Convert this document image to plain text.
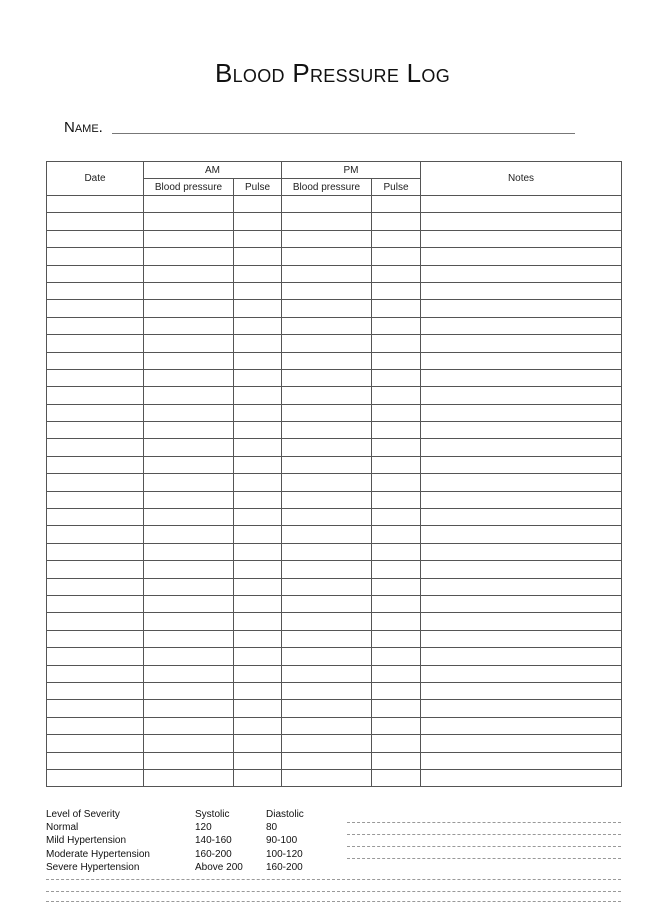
Blood Pressure Log
Name.
Date	AM		PM		Notes
	Blood pressure	Pulse	Blood pressure	Pulse	

Level of Severity	Systolic	Diastolic
Normal	120	80
Mild Hypertension	140-160	90-100
Moderate Hypertension	160-200	100-120
Severe Hypertension	Above 200	160-200
